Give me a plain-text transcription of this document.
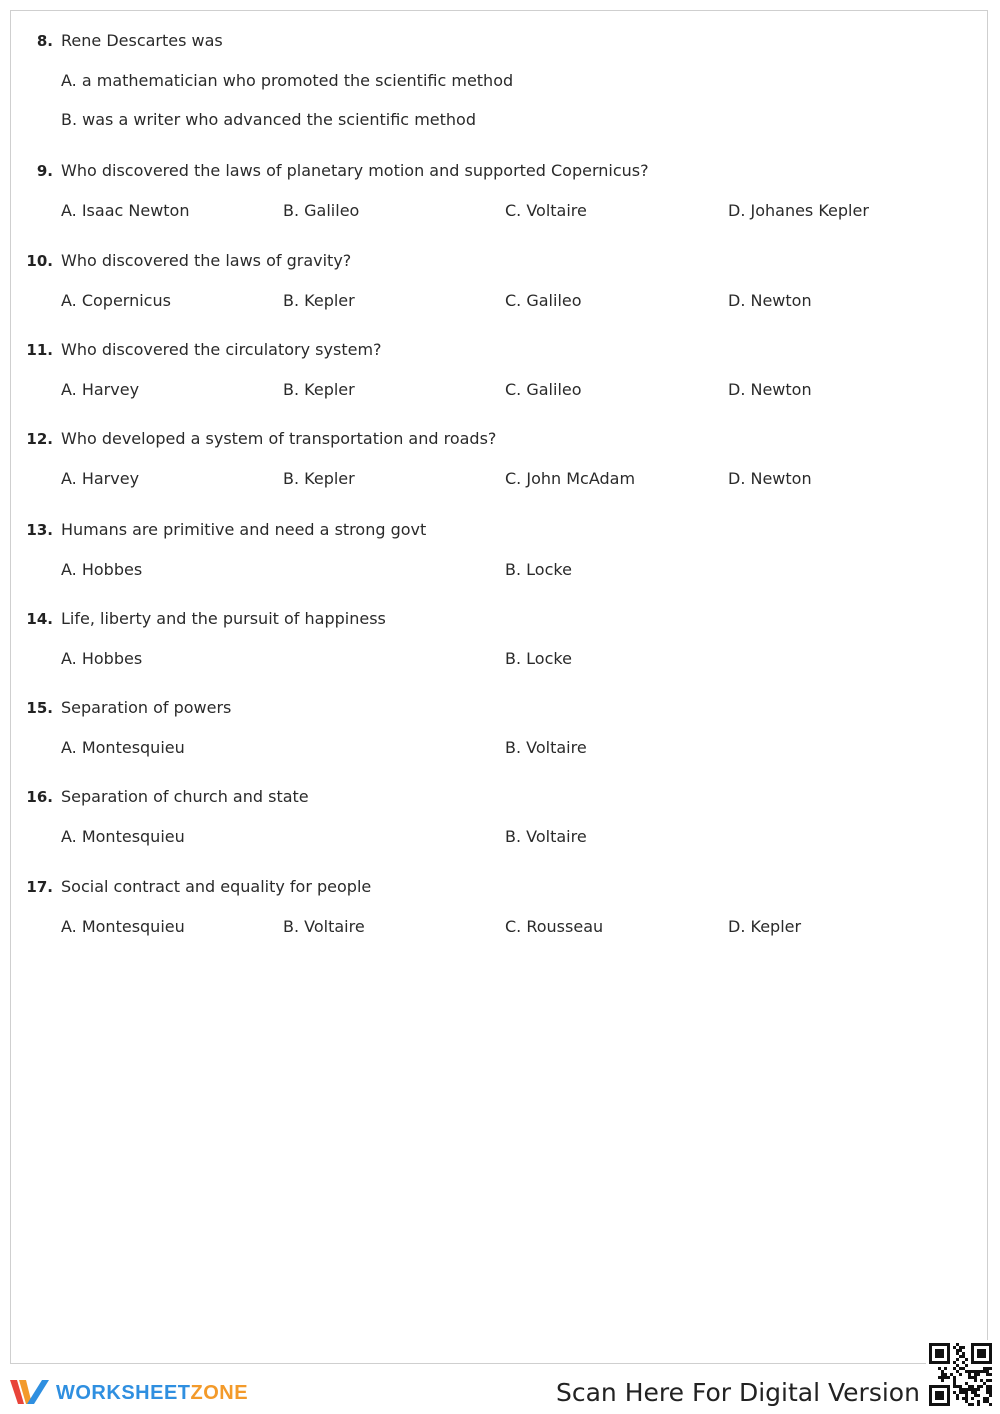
8. Rene Descartes was
A. a mathematician who promoted the scientific method
B. was a writer who advanced the scientific method
9. Who discovered the laws of planetary motion and supported Copernicus?
A. Isaac Newton	B. Galileo	C. Voltaire	D. Johanes Kepler
10. Who discovered the laws of gravity?
A. Copernicus	B. Kepler	C. Galileo	D. Newton
11. Who discovered the circulatory system?
A. Harvey	B. Kepler	C. Galileo	D. Newton
12. Who developed a system of transportation and roads?
A. Harvey	B. Kepler	C. John McAdam	D. Newton
13. Humans are primitive and need a strong govt
A. Hobbes	B. Locke
14. Life, liberty and the pursuit of happiness
A. Hobbes	B. Locke
15. Separation of powers
A. Montesquieu	B. Voltaire
16. Separation of church and state
A. Montesquieu	B. Voltaire
17. Social contract and equality for people
A. Montesquieu	B. Voltaire	C. Rousseau	D. Kepler
WORKSHEETZONE	Scan Here For Digital Version
